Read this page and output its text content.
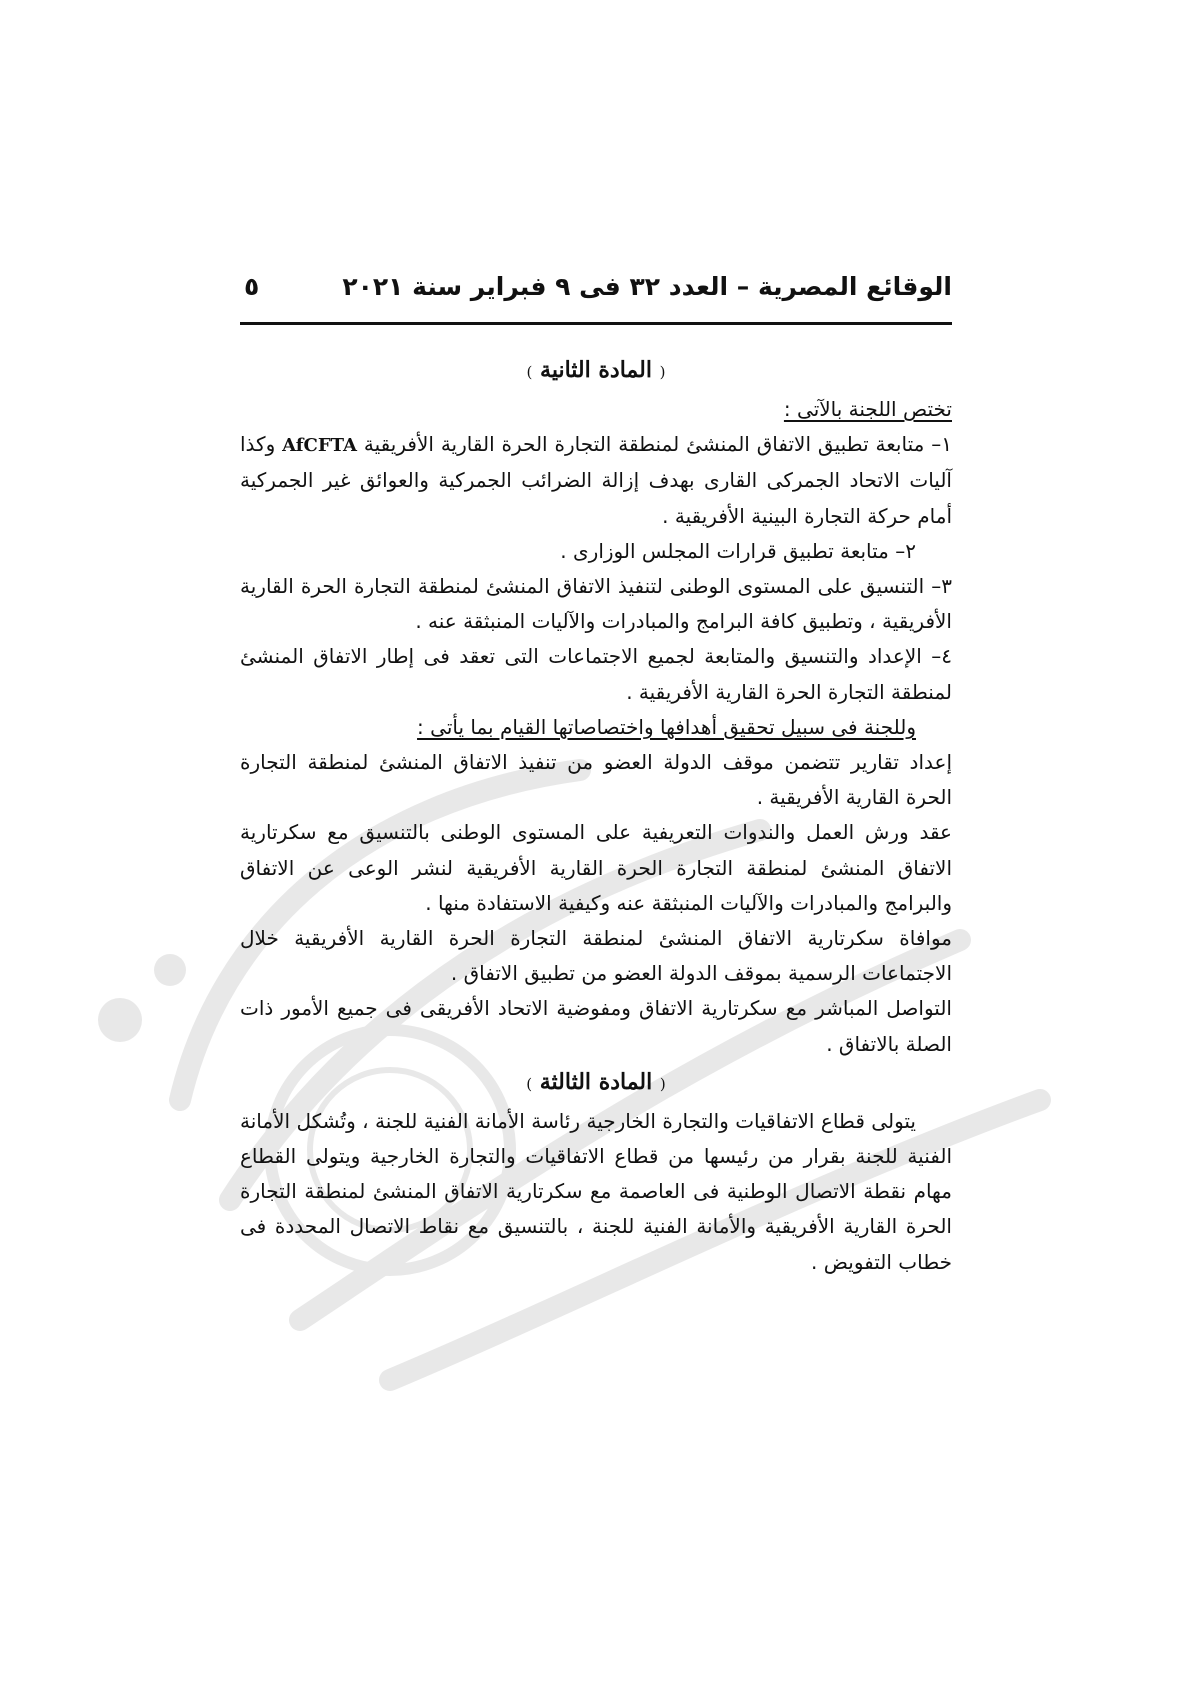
الوقائع المصرية – العدد ٣٢ فى ٩ فبراير سنة ٢٠٢١
٥
( المادة الثانية )

تختص اللجنة بالآتى :

١– متابعة تطبيق الاتفاق المنشئ لمنطقة التجارة الحرة القارية الأفريقية AfCFTA وكذا آليات الاتحاد الجمركى القارى بهدف إزالة الضرائب الجمركية والعوائق غير الجمركية أمام حركة التجارة البينية الأفريقية .

٢– متابعة تطبيق قرارات المجلس الوزارى .

٣– التنسيق على المستوى الوطنى لتنفيذ الاتفاق المنشئ لمنطقة التجارة الحرة القارية الأفريقية ، وتطبيق كافة البرامج والمبادرات والآليات المنبثقة عنه .

٤– الإعداد والتنسيق والمتابعة لجميع الاجتماعات التى تعقد فى إطار الاتفاق المنشئ لمنطقة التجارة الحرة القارية الأفريقية .

وللجنة فى سبيل تحقيق أهدافها واختصاصاتها القيام بما يأتى :

إعداد تقارير تتضمن موقف الدولة العضو من تنفيذ الاتفاق المنشئ لمنطقة التجارة الحرة القارية الأفريقية .

عقد ورش العمل والندوات التعريفية على المستوى الوطنى بالتنسيق مع سكرتارية الاتفاق المنشئ لمنطقة التجارة الحرة القارية الأفريقية لنشر الوعى عن الاتفاق والبرامج والمبادرات والآليات المنبثقة عنه وكيفية الاستفادة منها .

موافاة سكرتارية الاتفاق المنشئ لمنطقة التجارة الحرة القارية الأفريقية خلال الاجتماعات الرسمية بموقف الدولة العضو من تطبيق الاتفاق .

التواصل المباشر مع سكرتارية الاتفاق ومفوضية الاتحاد الأفريقى فى جميع الأمور ذات الصلة بالاتفاق .

( المادة الثالثة )

يتولى قطاع الاتفاقيات والتجارة الخارجية رئاسة الأمانة الفنية للجنة ، وتُشكل الأمانة الفنية للجنة بقرار من رئيسها من قطاع الاتفاقيات والتجارة الخارجية ويتولى القطاع مهام نقطة الاتصال الوطنية فى العاصمة مع سكرتارية الاتفاق المنشئ لمنطقة التجارة الحرة القارية الأفريقية والأمانة الفنية للجنة ، بالتنسيق مع نقاط الاتصال المحددة فى خطاب التفويض .
